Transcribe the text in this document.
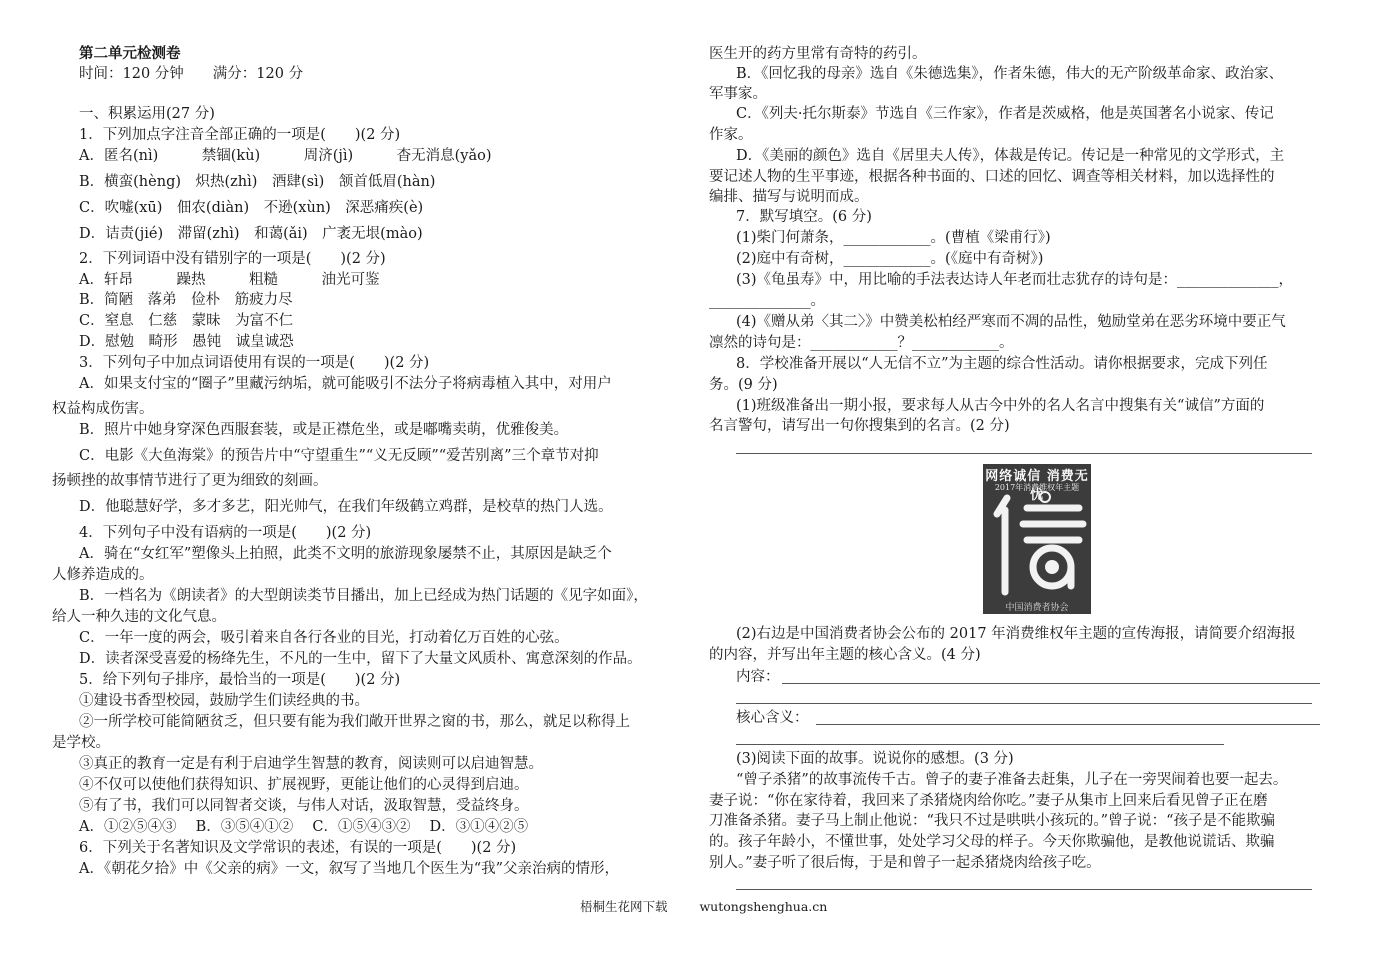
第二单元检测卷
时间：120 分钟　　满分：120 分
一、积累运用(27 分)
1．下列加点字注音全部正确的一项是(　　)(2 分)
A．匿名(nì)　　　禁锢(kù)　　　周济(jì)　　　杳无消息(yǎo)
B．横蛮(hèng)　炽热(zhì)　酒肆(sì)　颔首低眉(hàn)
C．吹嘘(xū)　佃农(diàn)　不逊(xùn)　深恶痛疾(è)
D．诘责(jié)　滞留(zhì)　和蔼(ǎi)　广袤无垠(mào)
2．下列词语中没有错别字的一项是(　　)(2 分)
A．轩昂　　　躁热　　　粗糙　　　油光可鉴
B．简陋　落弟　俭朴　筋疲力尽
C．窒息　仁慈　蒙昧　为富不仁
D．慰勉　畸形　愚钝　诚皇诚恐
3．下列句子中加点词语使用有误的一项是(　　)(2 分)
A．如果支付宝的“圈子”里藏污纳垢，就可能吸引不法分子将病毒植入其中，对用户
权益构成伤害。
B．照片中她身穿深色西服套装，或是正襟危坐，或是嘟嘴卖萌，优雅俊美。
C．电影《大鱼海棠》的预告片中“守望重生”“义无反顾”“爱苦别离”三个章节对抑
扬顿挫的故事情节进行了更为细致的刻画。
D．他聪慧好学，多才多艺，阳光帅气，在我们年级鹤立鸡群，是校草的热门人选。
4．下列句子中没有语病的一项是(　　)(2 分)
A．骑在“女红军”塑像头上拍照，此类不文明的旅游现象屡禁不止，其原因是缺乏个
人修养造成的。
B．一档名为《朗读者》的大型朗读类节目播出，加上已经成为热门话题的《见字如面》，
给人一种久违的文化气息。
C．一年一度的两会，吸引着来自各行各业的目光，打动着亿万百姓的心弦。
D．读者深受喜爱的杨绛先生，不凡的一生中，留下了大量文风质朴、寓意深刻的作品。
5．给下列句子排序，最恰当的一项是(　　)(2 分)
①建设书香型校园，鼓励学生们读经典的书。
②一所学校可能简陋贫乏，但只要有能为我们敞开世界之窗的书，那么，就足以称得上
是学校。
③真正的教育一定是有利于启迪学生智慧的教育，阅读则可以启迪智慧。
④不仅可以使他们获得知识、扩展视野，更能让他们的心灵得到启迪。
⑤有了书，我们可以同智者交谈，与伟人对话，汲取智慧，受益终身。
A．①②⑤④③　 B．③⑤④①②　 C．①⑤④③②　 D．③①④②⑤
6．下列关于名著知识及文学常识的表述，有误的一项是(　　)(2 分)
A．《朝花夕拾》中《父亲的病》一文，叙写了当地几个医生为“我”父亲治病的情形，
医生开的药方里常有奇特的药引。
B．《回忆我的母亲》选自《朱德选集》，作者朱德，伟大的无产阶级革命家、政治家、
军事家。
C．《列夫·托尔斯泰》节选自《三作家》，作者是茨威格，他是英国著名小说家、传记
作家。
D．《美丽的颜色》选自《居里夫人传》，体裁是传记。传记是一种常见的文学形式，主
要记述人物的生平事迹，根据各种书面的、口述的回忆、调查等相关材料，加以选择性的
编排、描写与说明而成。
7．默写填空。(6 分)
(1)柴门何萧条，____________。(曹植《梁甫行》)
(2)庭中有奇树，____________。(《庭中有奇树》)
(3)《龟虽寿》中，用比喻的手法表达诗人年老而壮志犹存的诗句是：______________，
______________。
(4)《赠从弟〈其二〉》中赞美松柏经严寒而不凋的品性，勉励堂弟在恶劣环境中要正气
凛然的诗句是：____________？____________。
8．学校准备开展以“人无信不立”为主题的综合性活动。请你根据要求，完成下列任
务。(9 分)
(1)班级准备出一期小报，要求每人从古今中外的名人名言中搜集有关“诚信”方面的
名言警句，请写出一句你搜集到的名言。(2 分)
(2)右边是中国消费者协会公布的 2017 年消费维权年主题的宣传海报，请简要介绍海报
的内容，并写出年主题的核心含义。(4 分)
内容：
核心含义：
(3)阅读下面的故事。说说你的感想。(3 分)
“曾子杀猪”的故事流传千古。曾子的妻子准备去赶集，儿子在一旁哭闹着也要一起去。
妻子说：“你在家待着，我回来了杀猪烧肉给你吃。”妻子从集市上回来后看见曾子正在磨
刀准备杀猪。妻子马上制止他说：“我只不过是哄哄小孩玩的。”曾子说：“孩子是不能欺骗
的。孩子年龄小，不懂世事，处处学习父母的样子。今天你欺骗他，是教他说谎话、欺骗
别人。”妻子听了很后悔，于是和曾子一起杀猪烧肉给孩子吃。
网络诚信 消费无忧
2017年消费维权年主题
中国消费者协会
梧桐生花网下载	wutongshenghua.cn
